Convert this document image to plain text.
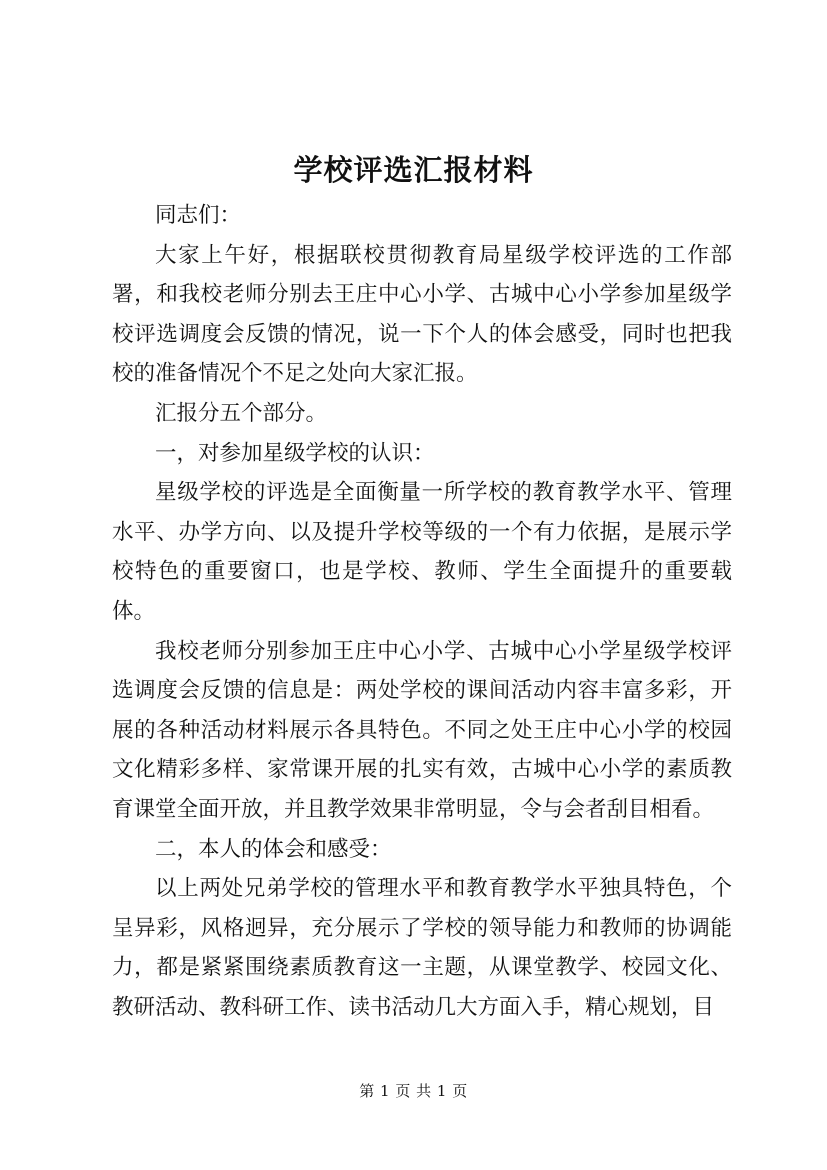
学校评选汇报材料

同志们：

大家上午好，根据联校贯彻教育局星级学校评选的工作部署，和我校老师分别去王庄中心小学、古城中心小学参加星级学校评选调度会反馈的情况，说一下个人的体会感受，同时也把我校的准备情况个不足之处向大家汇报。

汇报分五个部分。

一，对参加星级学校的认识：

星级学校的评选是全面衡量一所学校的教育教学水平、管理水平、办学方向、以及提升学校等级的一个有力依据，是展示学校特色的重要窗口，也是学校、教师、学生全面提升的重要载体。

我校老师分别参加王庄中心小学、古城中心小学星级学校评选调度会反馈的信息是：两处学校的课间活动内容丰富多彩，开展的各种活动材料展示各具特色。不同之处王庄中心小学的校园文化精彩多样、家常课开展的扎实有效，古城中心小学的素质教育课堂全面开放，并且教学效果非常明显，令与会者刮目相看。

二，本人的体会和感受：

以上两处兄弟学校的管理水平和教育教学水平独具特色，个呈异彩，风格迥异，充分展示了学校的领导能力和教师的协调能力，都是紧紧围绕素质教育这一主题，从课堂教学、校园文化、教研活动、教科研工作、读书活动几大方面入手，精心规划，目

第 1 页 共 1 页
